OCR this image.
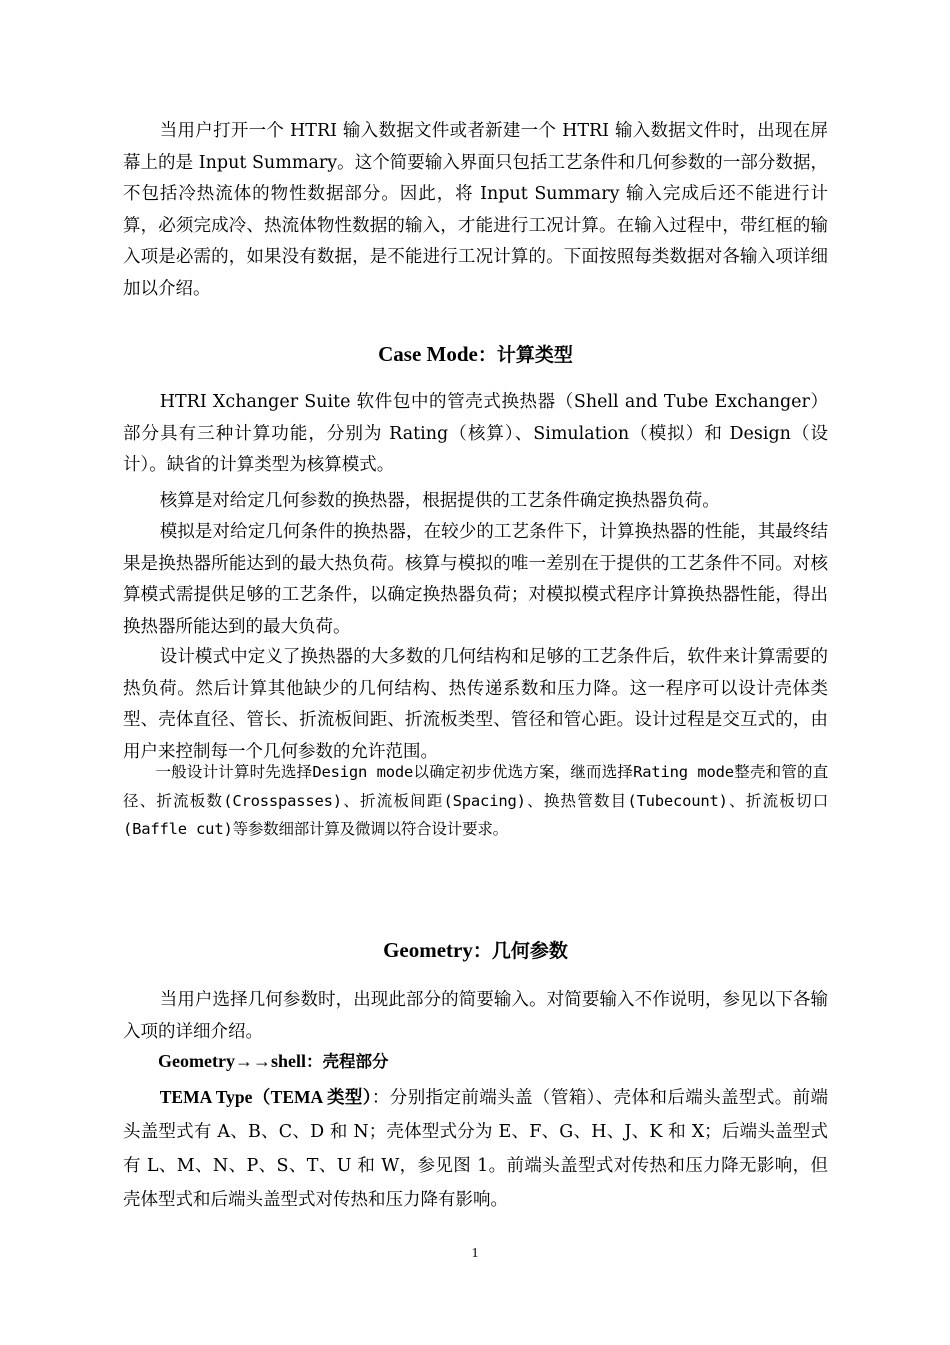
当用户打开一个 HTRI 输入数据文件或者新建一个 HTRI 输入数据文件时，出现在屏幕上的是 Input Summary。这个简要输入界面只包括工艺条件和几何参数的一部分数据，不包括冷热流体的物性数据部分。因此，将 Input Summary 输入完成后还不能进行计算，必须完成冷、热流体物性数据的输入，才能进行工况计算。在输入过程中，带红框的输入项是必需的，如果没有数据，是不能进行工况计算的。下面按照每类数据对各输入项详细加以介绍。

Case Mode：计算类型

HTRI Xchanger Suite 软件包中的管壳式换热器（Shell and Tube Exchanger）部分具有三种计算功能，分别为 Rating（核算）、Simulation（模拟）和 Design（设计）。缺省的计算类型为核算模式。

核算是对给定几何参数的换热器，根据提供的工艺条件确定换热器负荷。

模拟是对给定几何条件的换热器，在较少的工艺条件下，计算换热器的性能，其最终结果是换热器所能达到的最大热负荷。核算与模拟的唯一差别在于提供的工艺条件不同。对核算模式需提供足够的工艺条件，以确定换热器负荷；对模拟模式程序计算换热器性能，得出换热器所能达到的最大负荷。

设计模式中定义了换热器的大多数的几何结构和足够的工艺条件后，软件来计算需要的热负荷。然后计算其他缺少的几何结构、热传递系数和压力降。这一程序可以设计壳体类型、壳体直径、管长、折流板间距、折流板类型、管径和管心距。设计过程是交互式的，由用户来控制每一个几何参数的允许范围。

一般设计计算时先选择Design mode以确定初步优选方案，继而选择Rating mode整壳和管的直径、折流板数(Crosspasses)、折流板间距(Spacing)、换热管数目(Tubecount)、折流板切口(Baffle cut)等参数细部计算及微调以符合设计要求。

Geometry：几何参数

当用户选择几何参数时，出现此部分的简要输入。对简要输入不作说明，参见以下各输入项的详细介绍。

Geometry→→shell：壳程部分

TEMA Type（TEMA 类型）：分别指定前端头盖（管箱）、壳体和后端头盖型式。前端头盖型式有 A、B、C、D 和 N；壳体型式分为 E、F、G、H、J、K 和 X；后端头盖型式有 L、M、N、P、S、T、U 和 W，参见图 1。前端头盖型式对传热和压力降无影响，但壳体型式和后端头盖型式对传热和压力降有影响。

1
